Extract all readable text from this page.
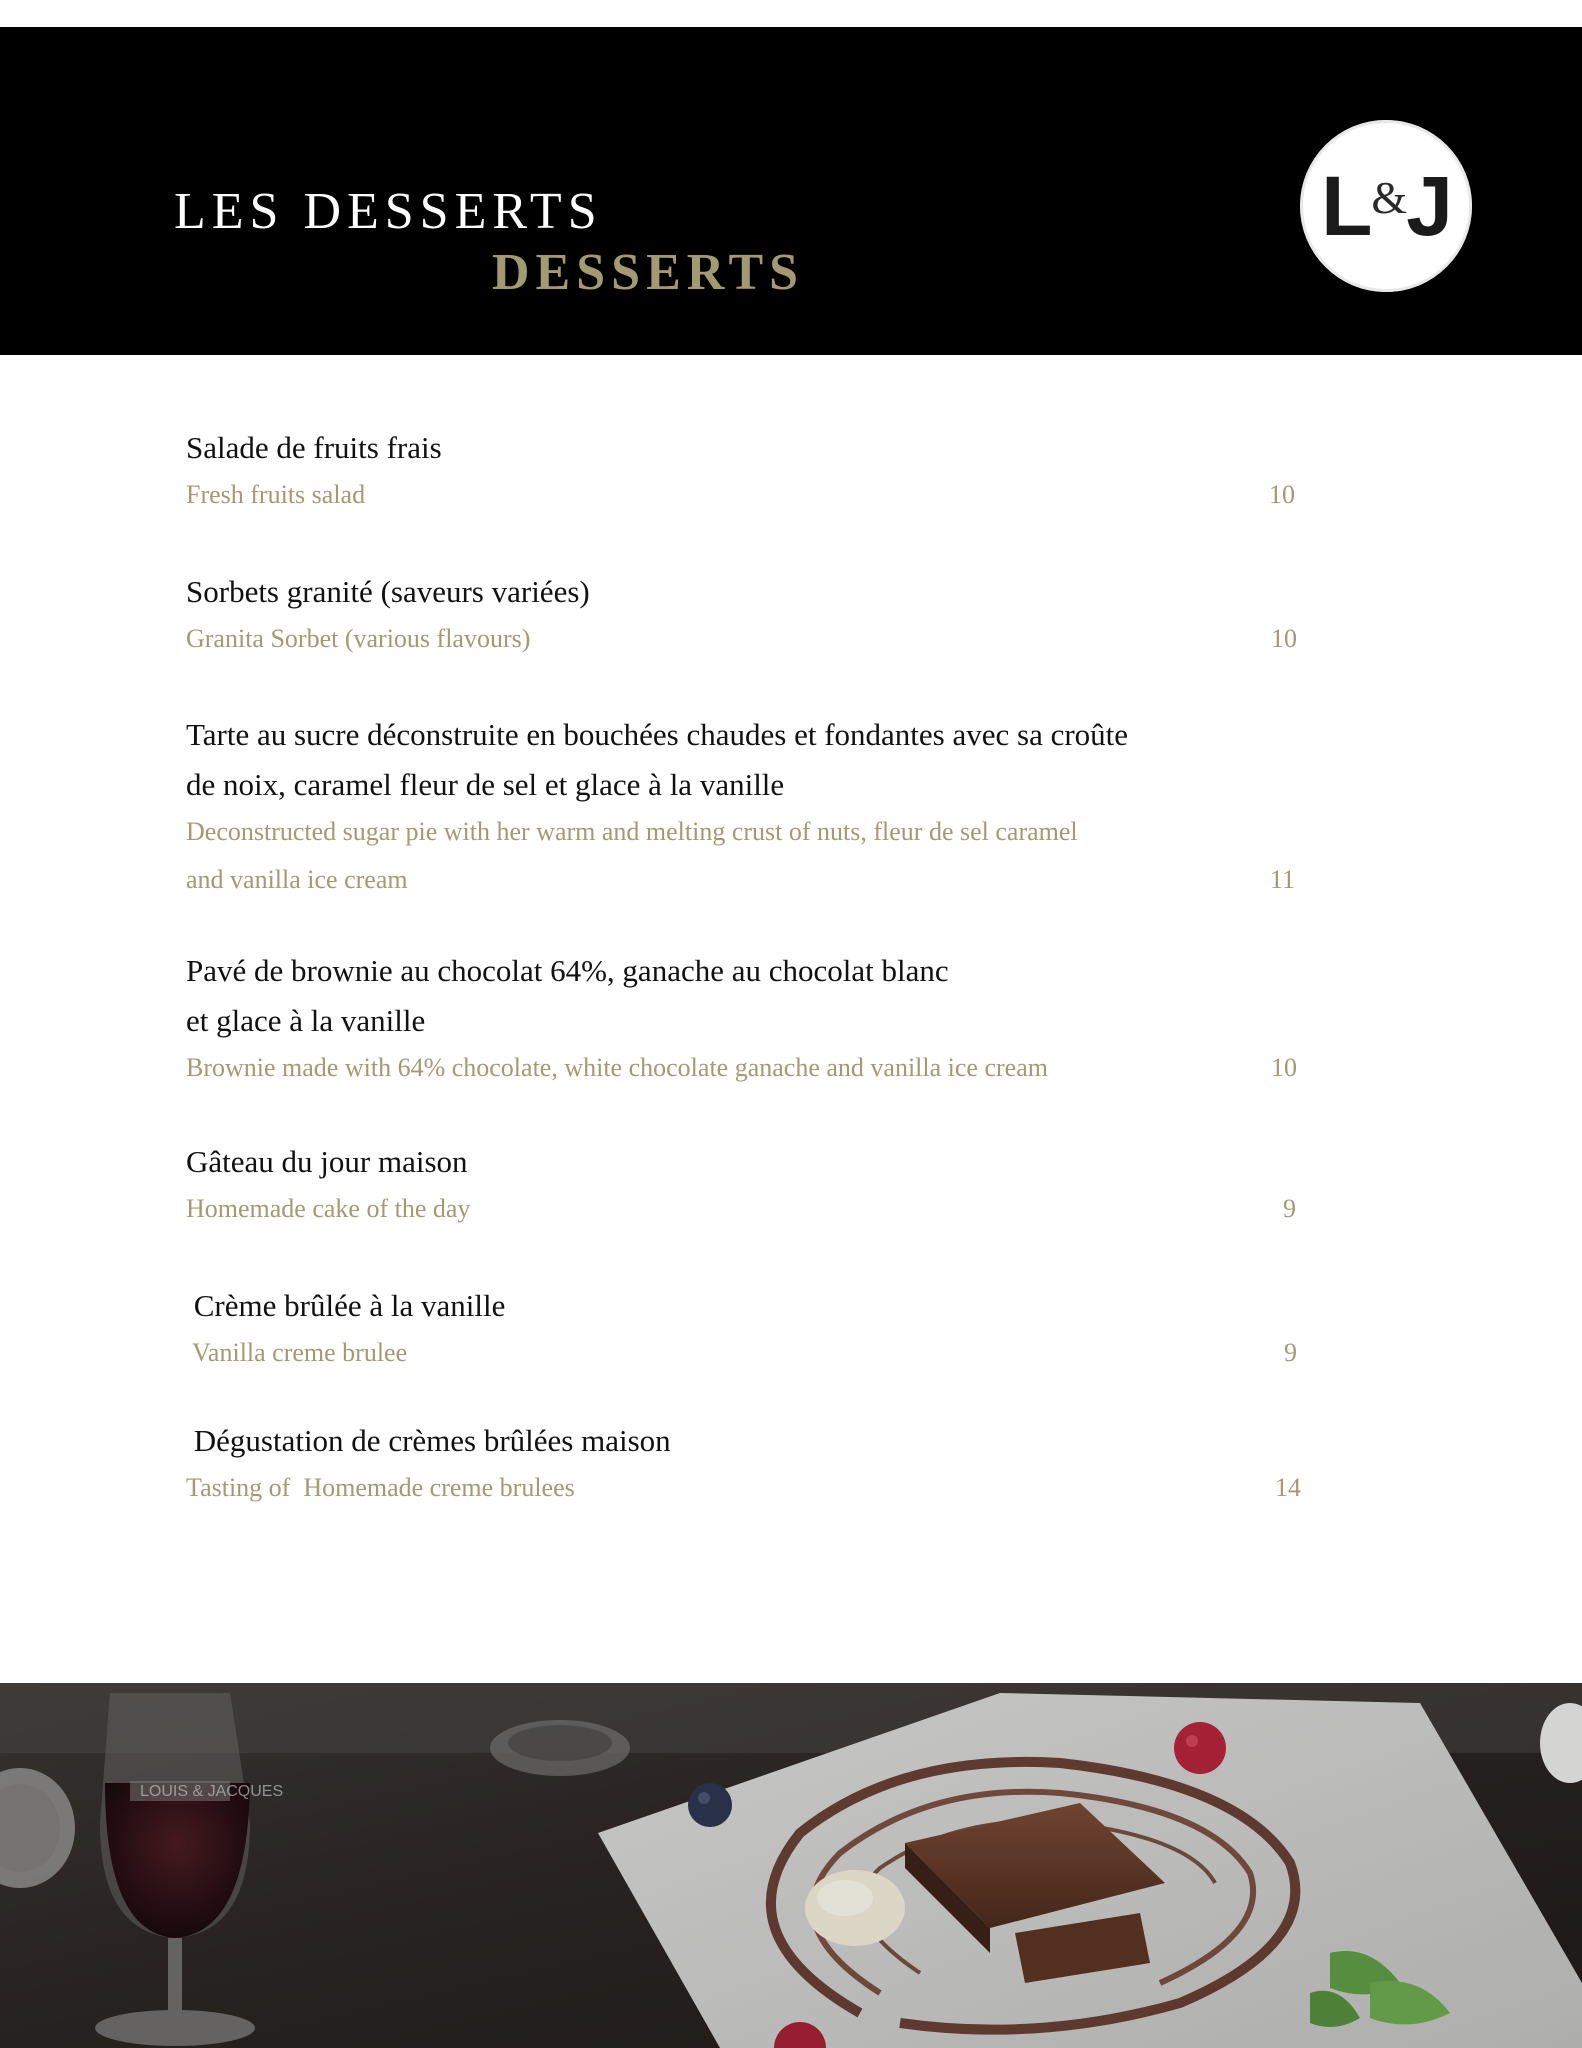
LES DESSERTS
DESSERTS
L & J
Salade de fruits frais
Fresh fruits salad	10
Sorbets granité (saveurs variées)
Granita Sorbet (various flavours)	10
Tarte au sucre déconstruite en bouchées chaudes et fondantes avec sa croûte
de noix, caramel fleur de sel et glace à la vanille
Deconstructed sugar pie with her warm and melting crust of nuts, fleur de sel caramel
and vanilla ice cream	11
Pavé de brownie au chocolat 64%, ganache au chocolat blanc
et glace à la vanille
Brownie made with 64% chocolate, white chocolate ganache and vanilla ice cream	10
Gâteau du jour maison
Homemade cake of the day	9
Crème brûlée à la vanille
Vanilla creme brulee	9
Dégustation de crèmes brûlées maison
Tasting of  Homemade creme brulees	14
LOUIS & JACQUES
